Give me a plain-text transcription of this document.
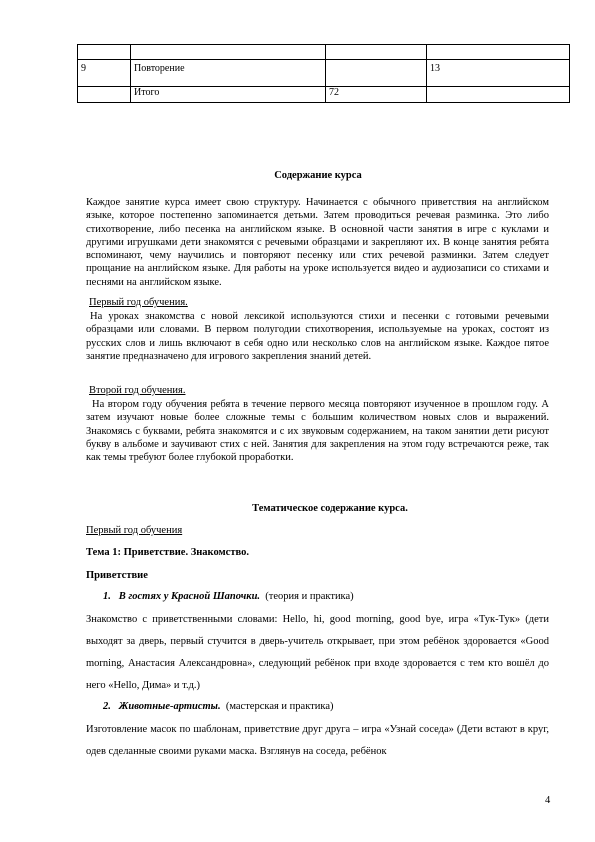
9	Повторение		13
	Итого	72	
Содержание курса
Каждое занятие курса имеет свою структуру. Начинается с обычного приветствия на английском языке, которое постепенно запоминается детьми. Затем проводиться речевая разминка. Это либо стихотворение, либо песенка на английском языке. В основной части занятия в игре с куклами и другими игрушками дети знакомятся с речевыми образцами и закрепляют их. В конце занятия ребята вспоминают, чему научились и повторяют песенку или стих речевой разминки. Затем следует прощание на английском языке. Для работы на уроке используется видео и аудиозаписи со стихами и песнями на английском языке.
Первый год обучения.
На уроках знакомства с новой лексикой используются стихи и песенки с готовыми речевыми образцами или словами. В первом полугодии стихотворения, используемые на уроках, состоят из русских слов и лишь включают в себя одно или несколько слов на английском языке. Каждое пятое занятие предназначено для игрового закрепления знаний детей.
Второй год обучения.
На втором году обучения ребята в течение первого месяца повторяют изученное в прошлом году. А затем изучают новые более сложные темы с большим количеством новых слов и выражений. Знакомясь с буквами, ребята знакомятся и с их звуковым содержанием, на таком занятии дети рисуют букву в альбоме и заучивают стих с ней. Занятия для закрепления на этом году встречаются реже, так как темы требуют более глубокой проработки.
Тематическое содержание курса.
Первый год обучения
Тема 1: Приветствие. Знакомство.
Приветствие
1. В гостях у Красной Шапочки. (теория и практика)
Знакомство с приветственными словами: Hello, hi, good morning, good bye, игра «Тук-Тук» (дети выходят за дверь, первый стучится в дверь-учитель открывает, при этом ребёнок здоровается «Good morning, Анастасия Александровна», следующий ребёнок при входе здоровается с тем кто вошёл до него «Hello, Дима» и т.д.)
2. Животные-артисты. (мастерская и практика)
Изготовление масок по шаблонам, приветствие друг друга – игра «Узнай соседа» (Дети встают в круг, одев сделанные своими руками маска. Взглянув на соседа, ребёнок
4
